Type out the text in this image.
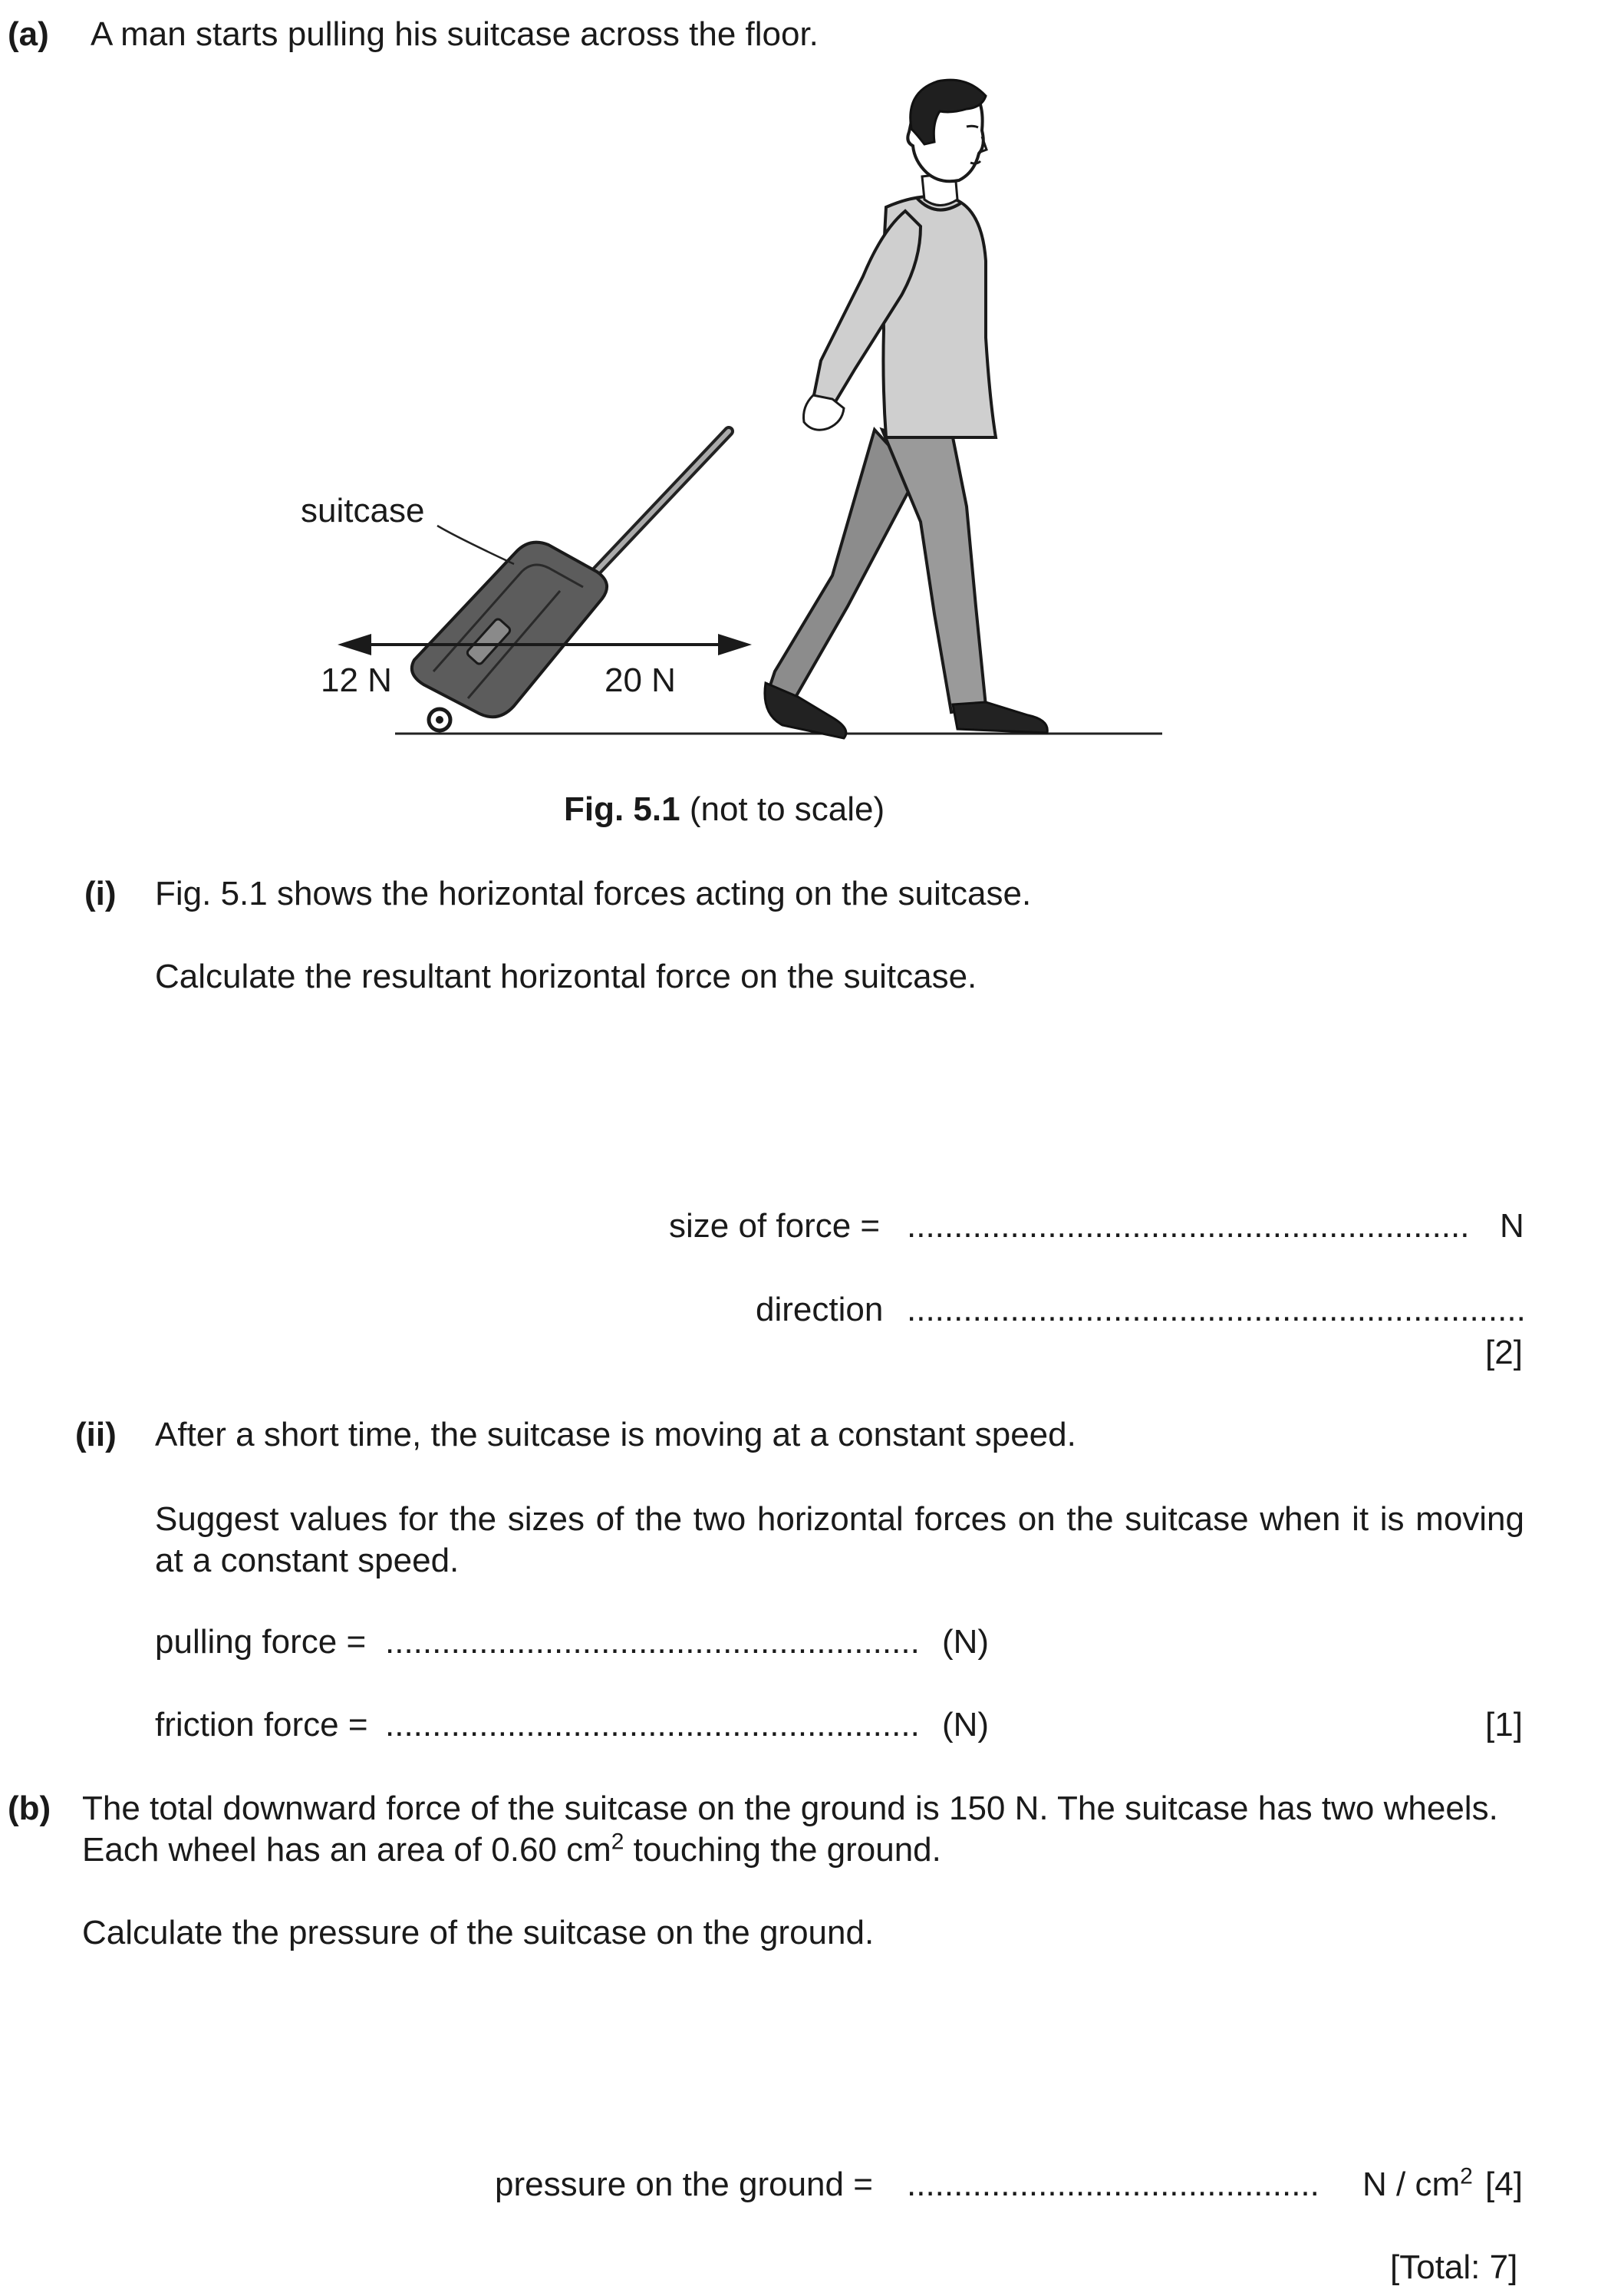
(a) A man starts pulling his suitcase across the floor.
suitcase
12 N	20 N
Fig. 5.1 (not to scale)
(i) Fig. 5.1 shows the horizontal forces acting on the suitcase.
Calculate the resultant horizontal force on the suitcase.
size of force = ............................................................ N
direction ..................................................................
[2]
(ii) After a short time, the suitcase is moving at a constant speed.
Suggest values for the sizes of the two horizontal forces on the suitcase when it is moving at a constant speed.
pulling force = ......................................................... (N)
friction force = ......................................................... (N)	[1]
(b) The total downward force of the suitcase on the ground is 150 N. The suitcase has two wheels.
Each wheel has an area of 0.60 $cm^2$ touching the ground.
Calculate the pressure of the suitcase on the ground.
pressure on the ground = ............................................ N / $cm^2$ [4]
[Total: 7]
